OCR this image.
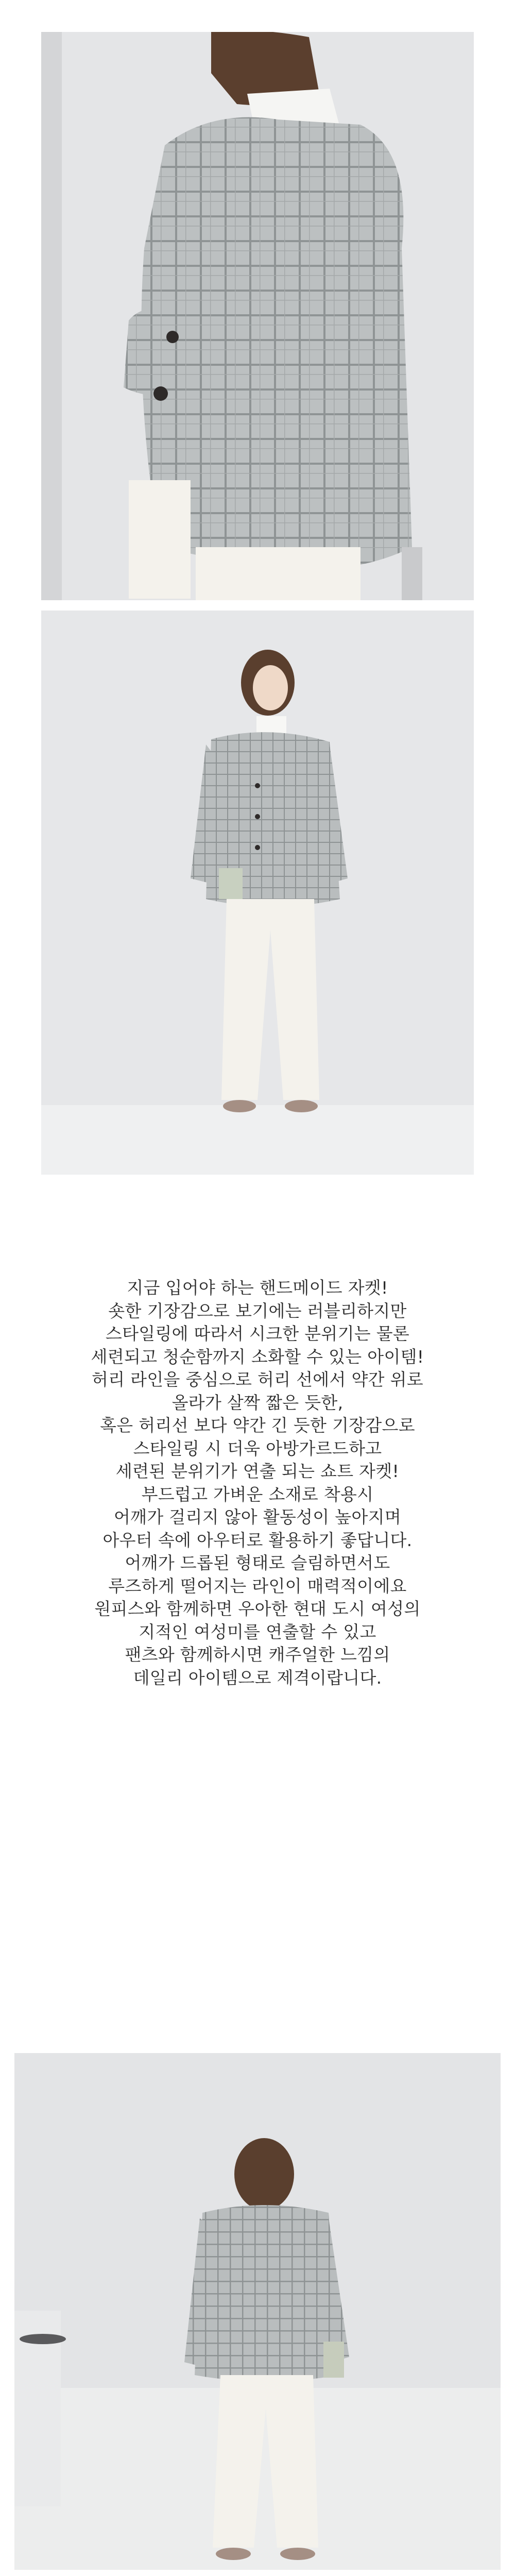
지금 입어야 하는 핸드메이드 자켓!

숏한 기장감으로 보기에는 러블리하지만

스타일링에 따라서 시크한 분위기는 물론

세련되고 청순함까지 소화할 수 있는 아이템!

허리 라인을 중심으로 허리 선에서 약간 위로

올라가 살짝 짧은 듯한,

혹은 허리선 보다 약간 긴 듯한 기장감으로

스타일링 시 더욱 아방가르드하고

세련된 분위기가 연출 되는 쇼트 자켓!

부드럽고 가벼운 소재로 착용시

어깨가 걸리지 않아 활동성이 높아지며

아우터 속에 아우터로 활용하기 좋답니다.

어깨가 드롭된 형태로 슬림하면서도

루즈하게 떨어지는 라인이 매력적이에요

원피스와 함께하면 우아한 현대 도시 여성의

지적인 여성미를 연출할 수 있고

팬츠와 함께하시면 캐주얼한 느낌의

데일리 아이템으로 제격이랍니다.
